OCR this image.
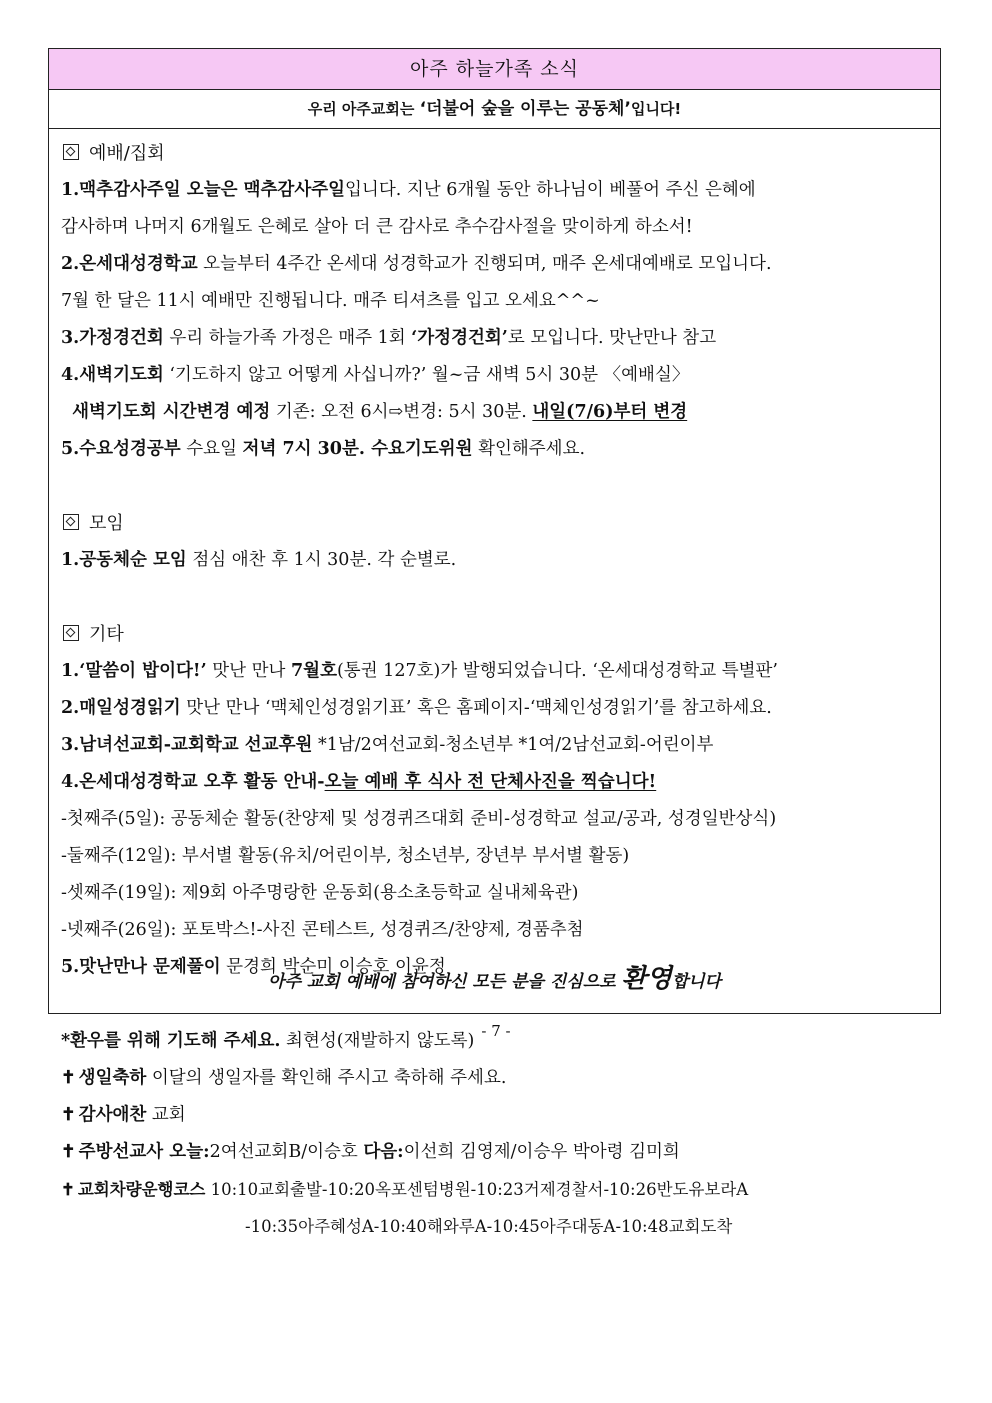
아주 하늘가족 소식
우리 아주교회는 ‘더불어 숲을 이루는 공동체’입니다!
예배/집회
1.맥추감사주일 오늘은 맥추감사주일입니다. 지난 6개월 동안 하나님이 베풀어 주신 은혜에
감사하며 나머지 6개월도 은혜로 살아 더 큰 감사로 추수감사절을 맞이하게 하소서!
2.온세대성경학교 오늘부터 4주간 온세대 성경학교가 진행되며, 매주 온세대예배로 모입니다.
7월 한 달은 11시 예배만 진행됩니다. 매주 티셔츠를 입고 오세요^^~
3.가정경건회 우리 하늘가족 가정은 매주 1회 ‘가정경건회’로 모입니다. 맛난만나 참고
4.새벽기도회 ‘기도하지 않고 어떻게 사십니까?’ 월~금 새벽 5시 30분 〈예배실〉
새벽기도회 시간변경 예정 기존: 오전 6시⇨변경: 5시 30분. 내일(7/6)부터 변경
5.수요성경공부 수요일 저녁 7시 30분. 수요기도위원 확인해주세요.
모임
1.공동체순 모임 점심 애찬 후 1시 30분. 각 순별로.
기타
1.‘말씀이 밥이다!’ 맛난 만나 7월호(통권 127호)가 발행되었습니다. ‘온세대성경학교 특별판’
2.매일성경읽기 맛난 만나 ‘맥체인성경읽기표’ 혹은 홈페이지-‘맥체인성경읽기’를 참고하세요.
3.남녀선교회-교회학교 선교후원 *1남/2여선교회-청소년부 *1여/2남선교회-어린이부
4.온세대성경학교 오후 활동 안내-오늘 예배 후 식사 전 단체사진을 찍습니다!
-첫째주(5일): 공동체순 활동(찬양제 및 성경퀴즈대회 준비-성경학교 설교/공과, 성경일반상식)
-둘째주(12일): 부서별 활동(유치/어린이부, 청소년부, 장년부 부서별 활동)
-셋째주(19일): 제9회 아주명랑한 운동회(용소초등학교 실내체육관)
-넷째주(26일): 포토박스!-사진 콘테스트, 성경퀴즈/찬양제, 경품추첨
5.맛난만나 문제풀이 문경희 박순미 이승호 이윤정
*환우를 위해 기도해 주세요. 최현성(재발하지 않도록)
✝ 생일축하 이달의 생일자를 확인해 주시고 축하해 주세요.
✝ 감사애찬 교회
✝ 주방선교사 오늘:2여선교회B/이승호 다음:이선희 김영제/이승우 박아령 김미희
✝ 교회차량운행코스 10:10교회출발-10:20옥포센텀병원-10:23거제경찰서-10:26반도유보라A
-10:35아주혜성A-10:40해와루A-10:45아주대동A-10:48교회도착
아주 교회 예배에 참여하신 모든 분을 진심으로 환영합니다
- 7 -
